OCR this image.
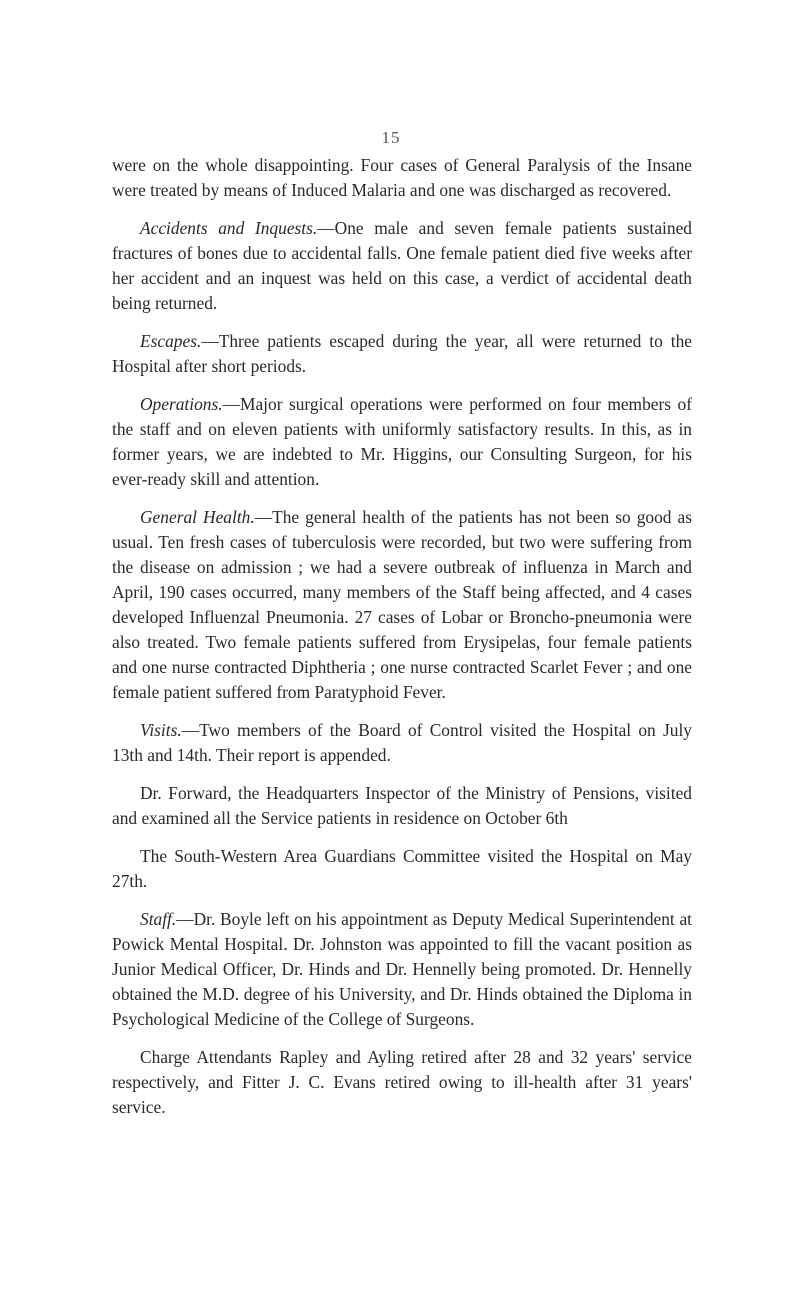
15

were on the whole disappointing. Four cases of General Paralysis of the Insane were treated by means of Induced Malaria and one was discharged as recovered.

Accidents and Inquests.—One male and seven female patients sustained fractures of bones due to accidental falls. One female patient died five weeks after her accident and an inquest was held on this case, a verdict of accidental death being returned.

Escapes.—Three patients escaped during the year, all were returned to the Hospital after short periods.

Operations.—Major surgical operations were performed on four members of the staff and on eleven patients with uniformly satisfactory results. In this, as in former years, we are indebted to Mr. Higgins, our Consulting Surgeon, for his ever-ready skill and attention.

General Health.—The general health of the patients has not been so good as usual. Ten fresh cases of tuberculosis were recorded, but two were suffering from the disease on admission ; we had a severe outbreak of influenza in March and April, 190 cases occurred, many members of the Staff being affected, and 4 cases developed Influenzal Pneumonia. 27 cases of Lobar or Broncho-pneumonia were also treated. Two female patients suffered from Erysipelas, four female patients and one nurse contracted Diphtheria ; one nurse contracted Scarlet Fever ; and one female patient suffered from Paratyphoid Fever.

Visits.—Two members of the Board of Control visited the Hospital on July 13th and 14th. Their report is appended.

Dr. Forward, the Headquarters Inspector of the Ministry of Pensions, visited and examined all the Service patients in residence on October 6th

The South-Western Area Guardians Committee visited the Hospital on May 27th.

Staff.—Dr. Boyle left on his appointment as Deputy Medical Superintendent at Powick Mental Hospital. Dr. Johnston was appointed to fill the vacant position as Junior Medical Officer, Dr. Hinds and Dr. Hennelly being promoted. Dr. Hennelly obtained the M.D. degree of his University, and Dr. Hinds obtained the Diploma in Psychological Medicine of the College of Surgeons.

Charge Attendants Rapley and Ayling retired after 28 and 32 years' service respectively, and Fitter J. C. Evans retired owing to ill-health after 31 years' service.
